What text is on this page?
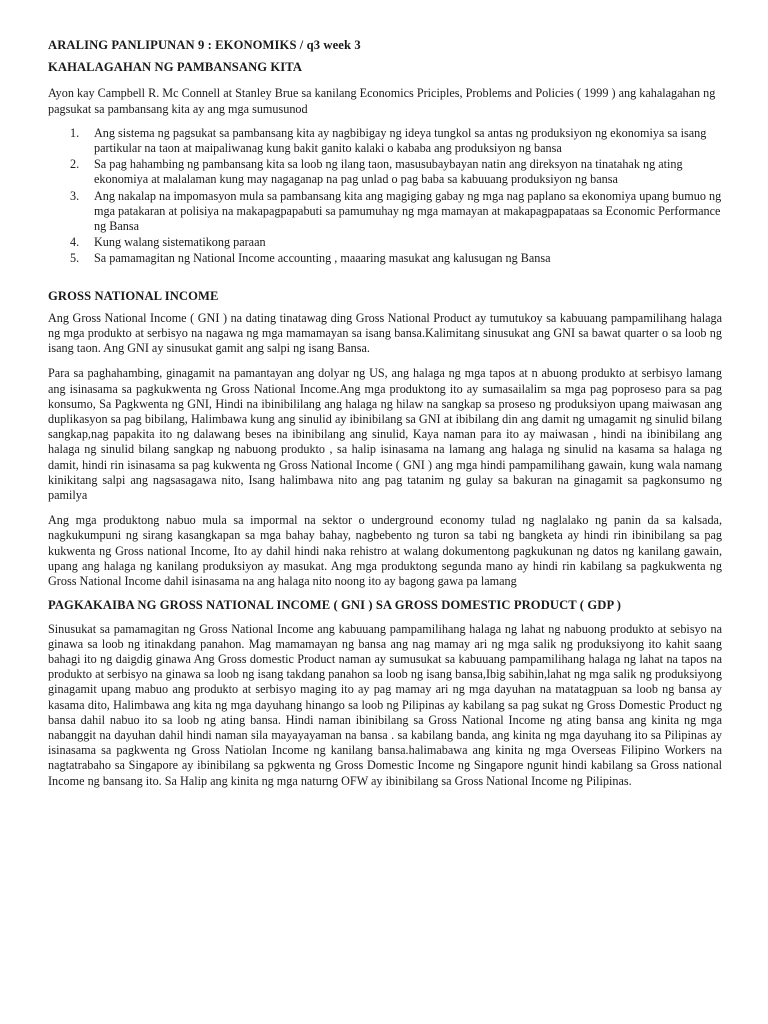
ARALING PANLIPUNAN 9 : EKONOMIKS / q3 week 3
KAHALAGAHAN NG PAMBANSANG KITA

Ayon kay Campbell R. Mc Connell at Stanley Brue sa kanilang Economics Priciples, Problems and Policies ( 1999 ) ang kahalagahan ng pagsukat sa pambansang kita ay ang mga sumusunod

1. Ang sistema ng pagsukat sa pambansang kita ay nagbibigay ng ideya tungkol sa antas ng produksiyon ng ekonomiya sa isang partikular na taon at maipaliwanag kung bakit ganito kalaki o kababa ang produksiyon ng bansa
2. Sa pag hahambing ng pambansang kita sa loob ng ilang taon, masusubaybayan natin ang direksyon na tinatahak ng ating ekonomiya at malalaman kung may nagaganap na pag unlad o pag baba sa kabuuang produksiyon ng bansa
3. Ang nakalap na impomasyon mula sa pambansang kita ang magiging gabay ng mga nag paplano sa ekonomiya upang bumuo ng mga patakaran at polisiya na makapagpapabuti sa pamumuhay ng mga mamayan at makapagpapataas sa Economic Performance ng Bansa
4. Kung walang sistematikong paraan
5. Sa pamamagitan ng National Income accounting , maaaring masukat ang kalusugan ng Bansa
GROSS NATIONAL INCOME

Ang Gross National Income ( GNI ) na dating tinatawag ding Gross National Product ay tumutukoy sa kabuuang pampamilihang halaga ng mga produkto at serbisyo na nagawa ng mga mamamayan sa isang bansa.Kalimitang sinusukat ang GNI sa bawat quarter o sa loob ng isang taon. Ang GNI ay sinusukat gamit ang salpi ng isang Bansa.

Para sa paghahambing, ginagamit na pamantayan ang dolyar ng US, ang halaga ng mga tapos at n abuong produkto at serbisyo lamang ang isinasama sa pagkukwenta ng Gross National Income.Ang mga produktong ito ay sumasailalim sa mga pag poproseso para sa pag konsumo, Sa Pagkwenta ng GNI, Hindi na ibinibililang ang halaga ng hilaw na sangkap sa proseso ng produksiyon upang maiwasan ang duplikasyon sa pag bibilang, Halimbawa kung ang sinulid ay ibinibilang sa GNI at ibibilang din ang damit ng umagamit ng sinulid bilang sangkap,nag papakita ito ng dalawang beses na ibinibilang ang sinulid, Kaya naman para ito ay maiwasan , hindi na ibinibilang ang halaga ng sinulid bilang sangkap ng nabuong produkto , sa halip isinasama na lamang ang halaga ng sinulid na kasama sa halaga ng damit, hindi rin isinasama sa pag kukwenta ng Gross National Income ( GNI ) ang mga hindi pampamilihang gawain, kung wala namang kinikitang salpi ang nagsasagawa nito, Isang halimbawa nito ang pag tatanim ng gulay sa bakuran na ginagamit sa pagkonsumo ng pamilya

Ang mga produktong nabuo mula sa impormal na sektor o underground economy tulad ng naglalako ng panin da sa kalsada, nagkukumpuni ng sirang kasangkapan sa mga bahay bahay, nagbebento ng turon sa tabi ng bangketa ay hindi rin ibinibilang sa pag kukwenta ng Gross national Income, Ito ay dahil hindi naka rehistro at walang dokumentong pagkukunan ng datos ng kanilang gawain, upang ang halaga ng kanilang produksiyon ay masukat. Ang mga produktong segunda mano ay hindi rin kabilang sa pagkukwenta ng Gross National Income dahil isinasama na ang halaga nito noong ito ay bagong gawa pa lamang

PAGKAKAIBA NG GROSS NATIONAL INCOME ( GNI ) SA GROSS DOMESTIC PRODUCT ( GDP )

Sinusukat sa pamamagitan ng Gross National Income ang kabuuang pampamilihang halaga ng lahat ng nabuong produkto at sebisyo na ginawa sa loob ng itinakdang panahon. Mag mamamayan ng bansa ang nag mamay ari ng mga salik ng produksiyong ito kahit saang bahagi ito ng daigdig ginawa Ang Gross domestic Product naman ay sumusukat sa kabuuang pampamilihang halaga ng lahat na tapos na produkto at serbisyo na ginawa sa loob ng isang takdang panahon sa loob ng isang bansa,Ibig sabihin,lahat ng mga salik ng produksiyong ginagamit upang mabuo ang produkto at serbisyo maging ito ay pag mamay ari ng mga dayuhan na matatagpuan sa loob ng bansa ay kasama dito, Halimbawa ang kita ng mga dayuhang hinango sa loob ng Pilipinas ay kabilang sa pag sukat ng Gross Domestic Product ng bansa dahil nabuo ito sa loob ng ating bansa. Hindi naman ibinibilang sa Gross National Income ng ating bansa ang kinita ng mga nabanggit na dayuhan dahil hindi naman sila mayayayaman na bansa . sa kabilang banda, ang kinita ng mga dayuhang ito sa Pilipinas ay isinasama sa pagkwenta ng Gross Natiolan Income ng kanilang bansa.halimabawa ang kinita ng mga Overseas Filipino Workers na nagtatrabaho sa Singapore ay ibinibilang sa pgkwenta ng Gross Domestic Income ng Singapore ngunit hindi kabilang sa Gross national Income ng bansang ito. Sa Halip ang kinita ng mga naturng OFW ay ibinibilang sa Gross National Income ng Pilipinas.
